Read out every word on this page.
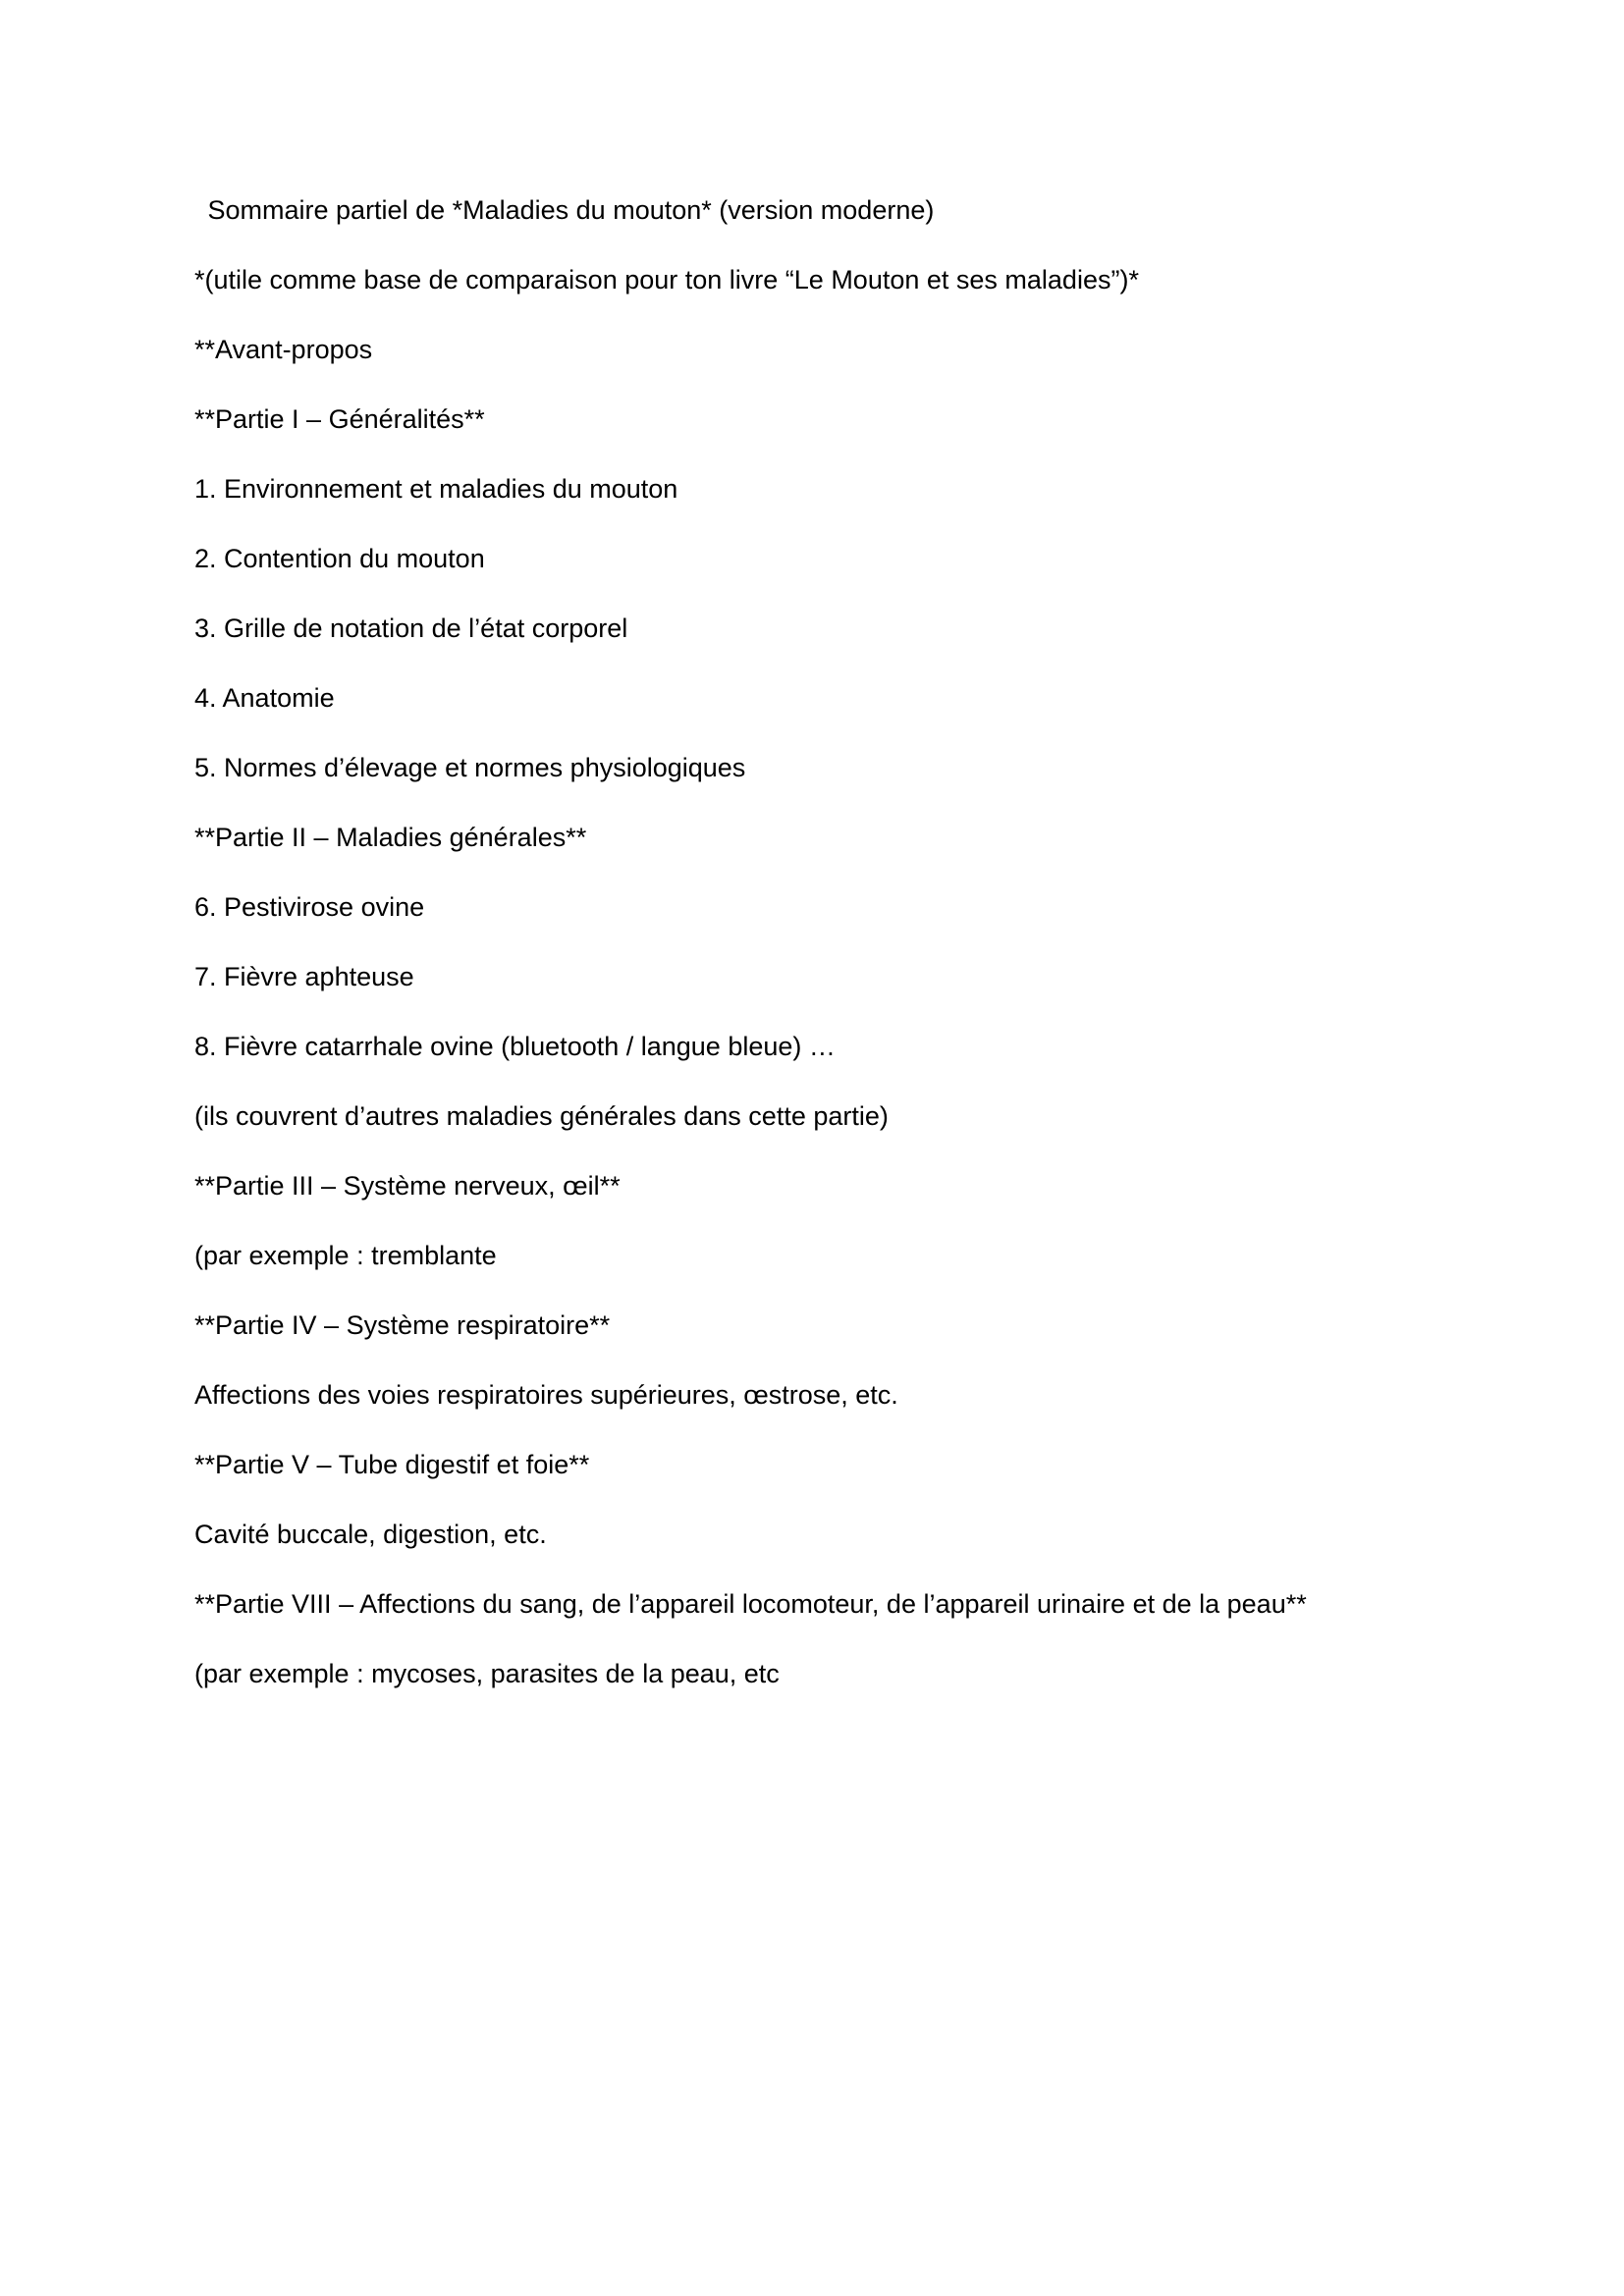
Sommaire partiel de *Maladies du mouton* (version moderne)

*(utile comme base de comparaison pour ton livre “Le Mouton et ses maladies”)*

**Avant-propos

**Partie I – Généralités**

1. Environnement et maladies du mouton

2. Contention du mouton

3. Grille de notation de l’état corporel

4. Anatomie

5. Normes d’élevage et normes physiologiques

**Partie II – Maladies générales**

6. Pestivirose ovine

7. Fièvre aphteuse

8. Fièvre catarrhale ovine (bluetooth / langue bleue) …

(ils couvrent d’autres maladies générales dans cette partie)

**Partie III – Système nerveux, œil**

(par exemple : tremblante

**Partie IV – Système respiratoire**

Affections des voies respiratoires supérieures, œstrose, etc.

**Partie V – Tube digestif et foie**

Cavité buccale, digestion, etc.

**Partie VIII – Affections du sang, de l’appareil locomoteur, de l’appareil urinaire et de la peau**

(par exemple : mycoses, parasites de la peau, etc
